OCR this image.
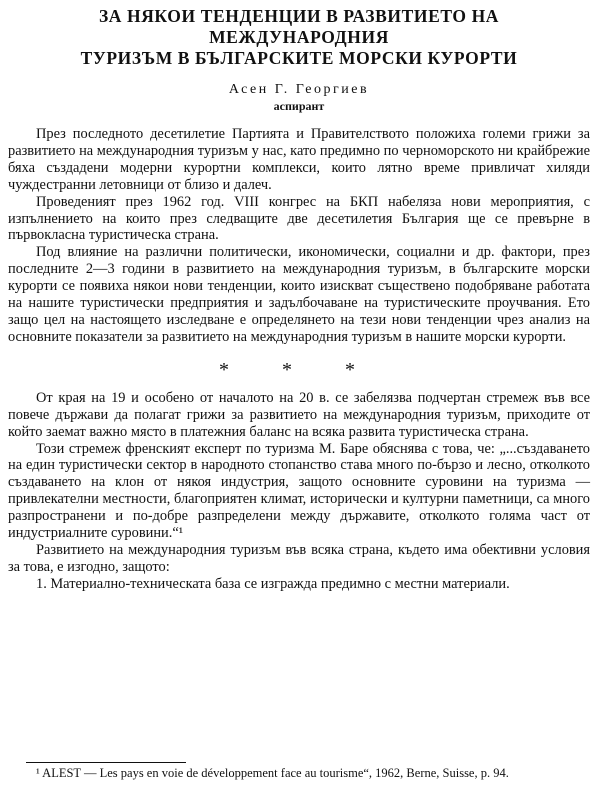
ЗА НЯКОИ ТЕНДЕНЦИИ В РАЗВИТИЕТО НА МЕЖДУНАРОДНИЯ
ТУРИЗЪМ В БЪЛГАРСКИТЕ МОРСКИ КУРОРТИ
Асен Г. Георгиев
аспирант

През последното десетилетие Партията и Правителството положиха големи грижи за развитието на международния туризъм у нас, като предимно по черноморското ни крайбрежие бяха създадени модерни курортни комплекси, които лятно време привличат хиляди чуждестранни летовници от близо и далеч.

Проведеният през 1962 год. VIII конгрес на БКП набеляза нови мероприятия, с изпълнението на които през следващите две десетилетия България ще се превърне в първокласна туристическа страна.

Под влияние на различни политически, икономически, социални и др. фактори, през последните 2—3 години в развитието на международния туризъм, в българските морски курорти се появиха някои нови тенденции, които изискват съществено подобряване работата на нашите туристически предприятия и задълбочаване на туристическите проучвания. Ето защо цел на настоящето изследване е определянето на тези нови тенденции чрез анализ на основните показатели за развитието на международния туризъм в нашите морски курорти.

* * *

От края на 19 и особено от началото на 20 в. се забелязва подчертан стремеж във все повече държави да полагат грижи за развитието на международния туризъм, приходите от който заемат важно място в платежния баланс на всяка развита туристическа страна.

Този стремеж френският експерт по туризма М. Баре обяснява с това, че: „...създаването на един туристически сектор в народното стопанство става много по-бързо и лесно, отколкото създаването на клон от някоя индустрия, защото основните суровини на туризма — привлекателни местности, благоприятен климат, исторически и културни паметници, са много разпространени и по-добре разпределени между държавите, отколкото голяма част от индустриалните суровини.“¹

Развитието на международния туризъм във всяка страна, където има обективни условия за това, е изгодно, защото:

1. Материално-техническата база се изгражда предимно с местни материали.

¹ ALEST — Les pays en voie de développement face au tourisme“, 1962, Berne, Suisse, p. 94.
